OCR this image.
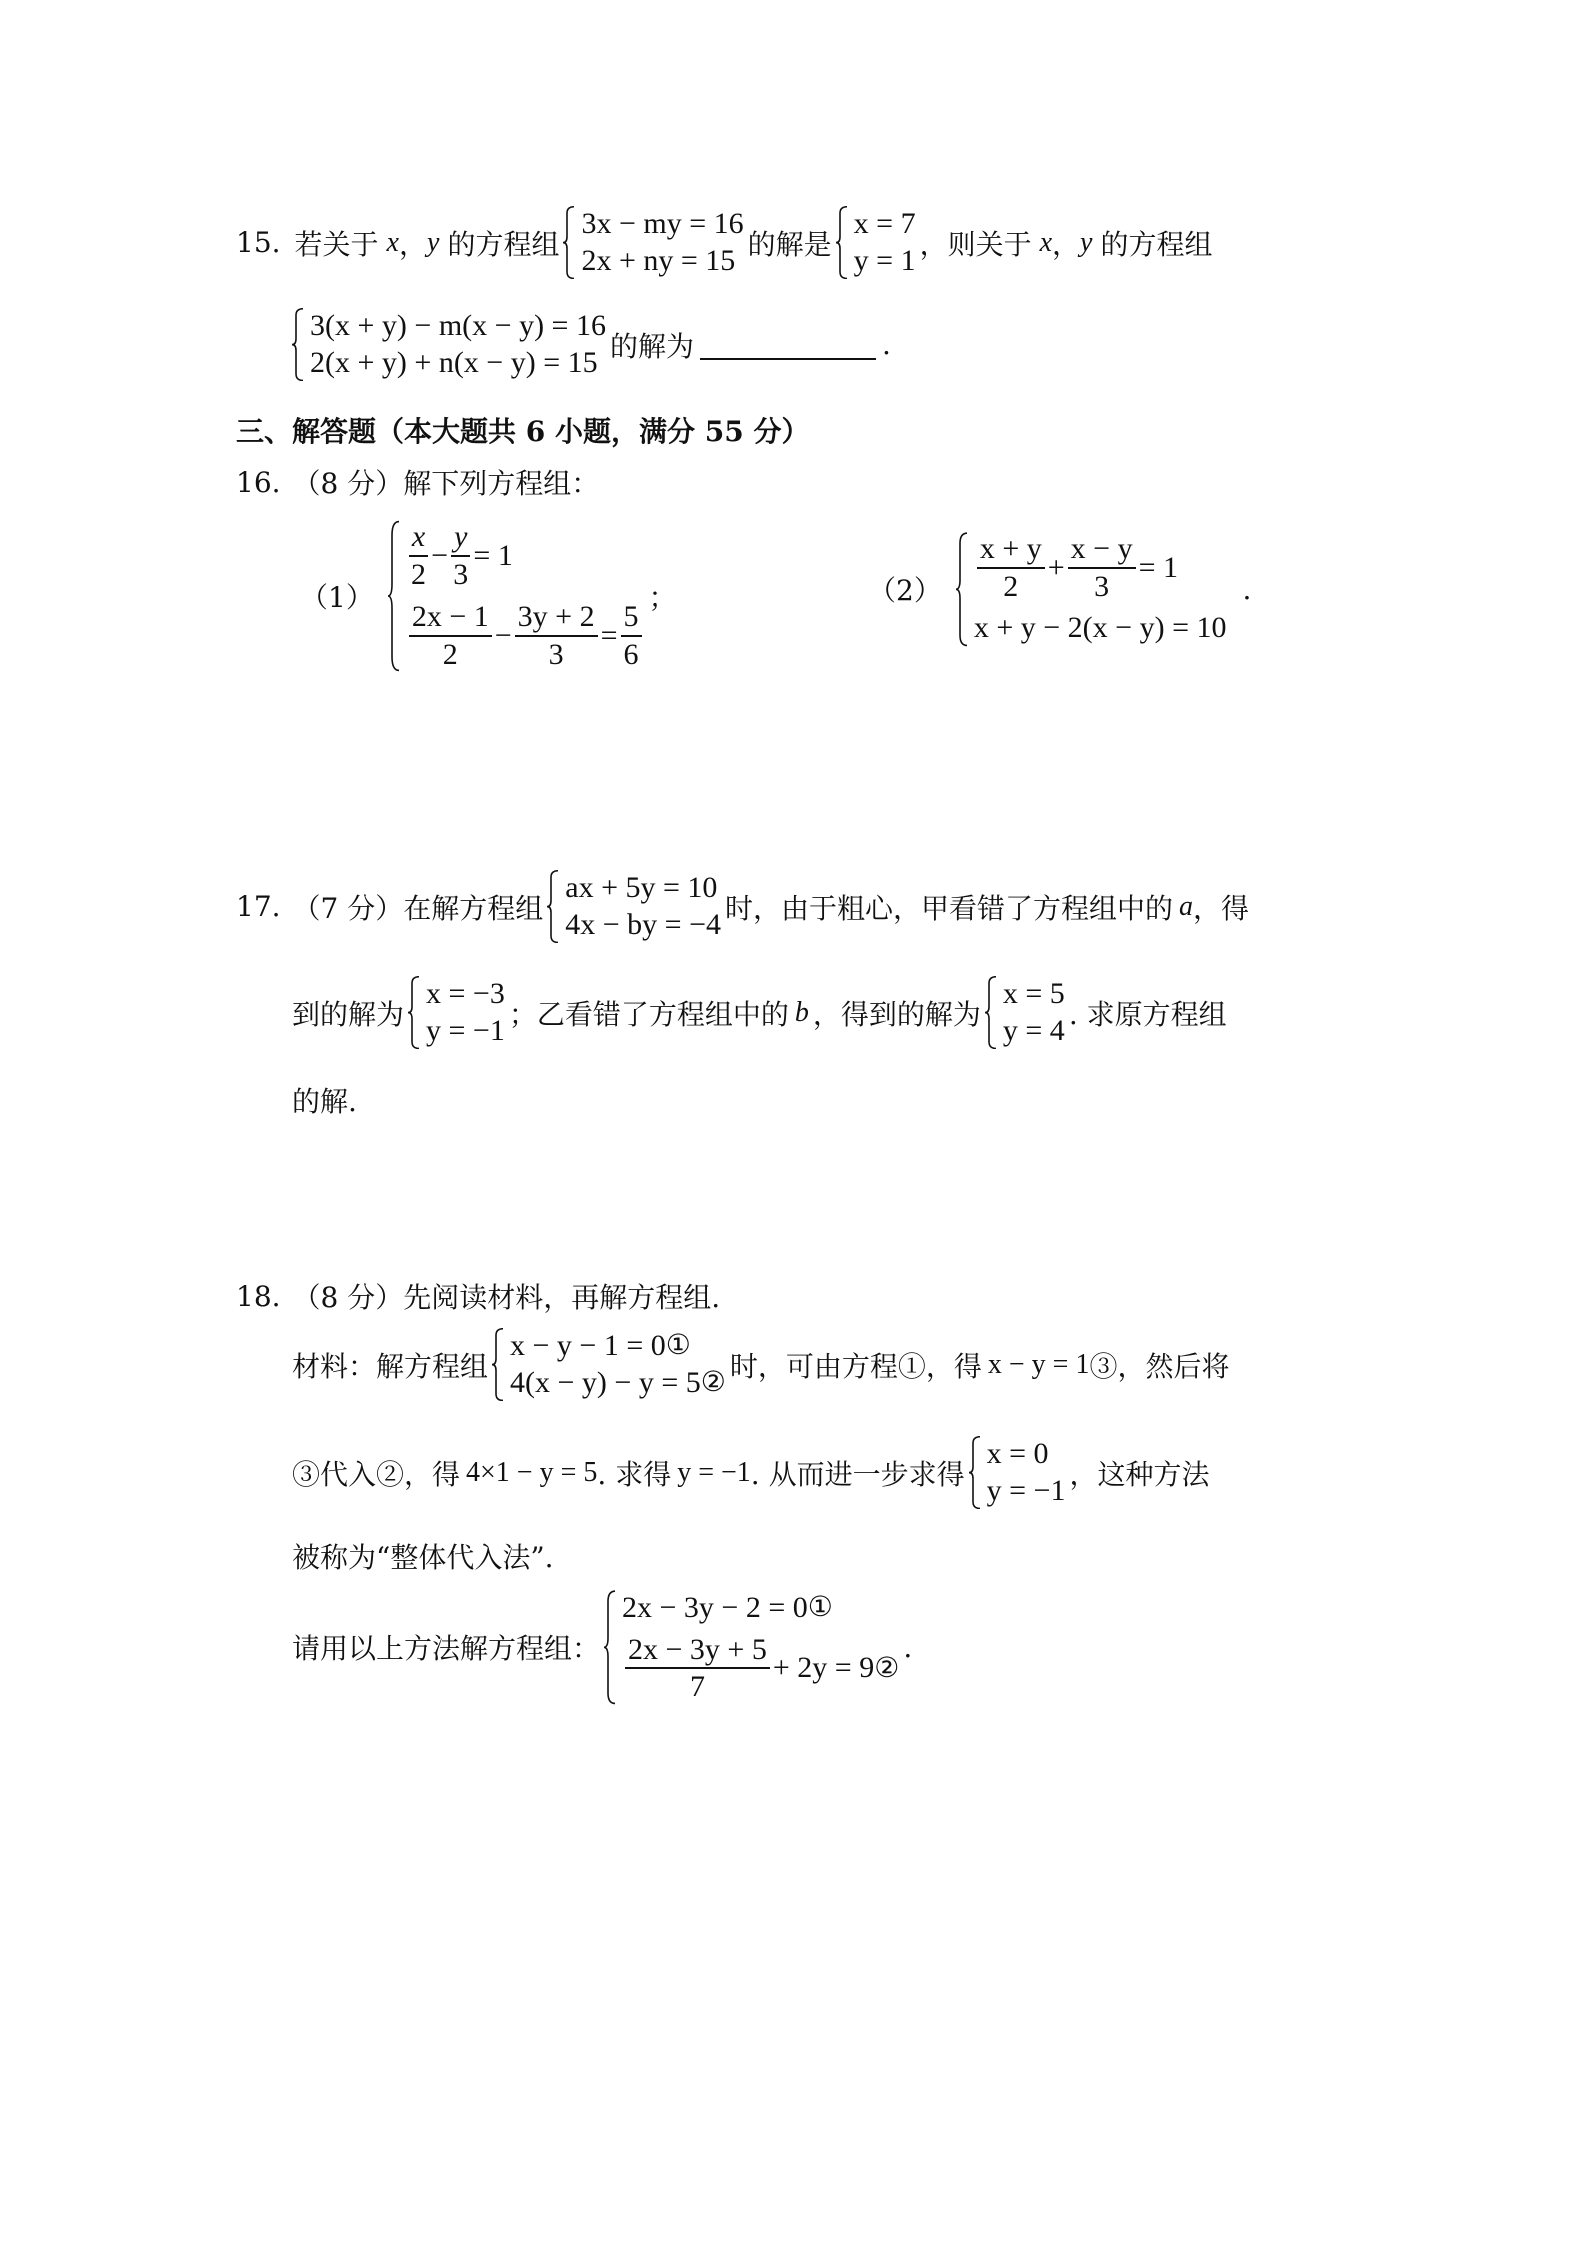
15. 若关于 x ， y 的方程组
3x − my = 16
2x + ny = 15 的解是
x = 7
y = 1 ，则关于 x ， y 的方程组
3(x + y) − m(x − y) = 16
2(x + y) + n(x − y) = 15 的解为	.
三、解答题（本大题共 6 小题，满分 55 分）
16. （8 分）解下列方程组：
（1）
$\frac{x}{2} - \frac{y}{3} = 1$
$\frac{2x - 1}{2} - \frac{3y + 2}{3} = \frac{5}{6}$
；	$(2) \frac{x + y}{2} + \frac{x - y}{3} = 1$
x + y − 2(x − y) = 10
.
17. （7 分）在解方程组
ax + 5y = 10
4x − by = −4 时，由于粗心，甲看错了方程组中的 a ，得
到的解为
x = −3
y = −1 ；乙看错了方程组中的 b ，得到的解为
x = 5
y = 4 . 求原方程组
的解.
18. （8 分）先阅读材料，再解方程组.
材料：解方程组
x − y − 1 = 0 ①
4(x − y) − y = 5 ② 时，可由方程①，得 x − y = 1 ③，然后将
③代入②，得 4×1 − y = 5 . 求得 y = −1 . 从而进一步求得
x = 0
y = −1 ，这种方法
被称为“整体代入法”.
请用以上方法解方程组：
2x − 3y − 2 = 0 ①
$\frac{2x - 3y + 5}{7} + 2y = 9$ ②
.
